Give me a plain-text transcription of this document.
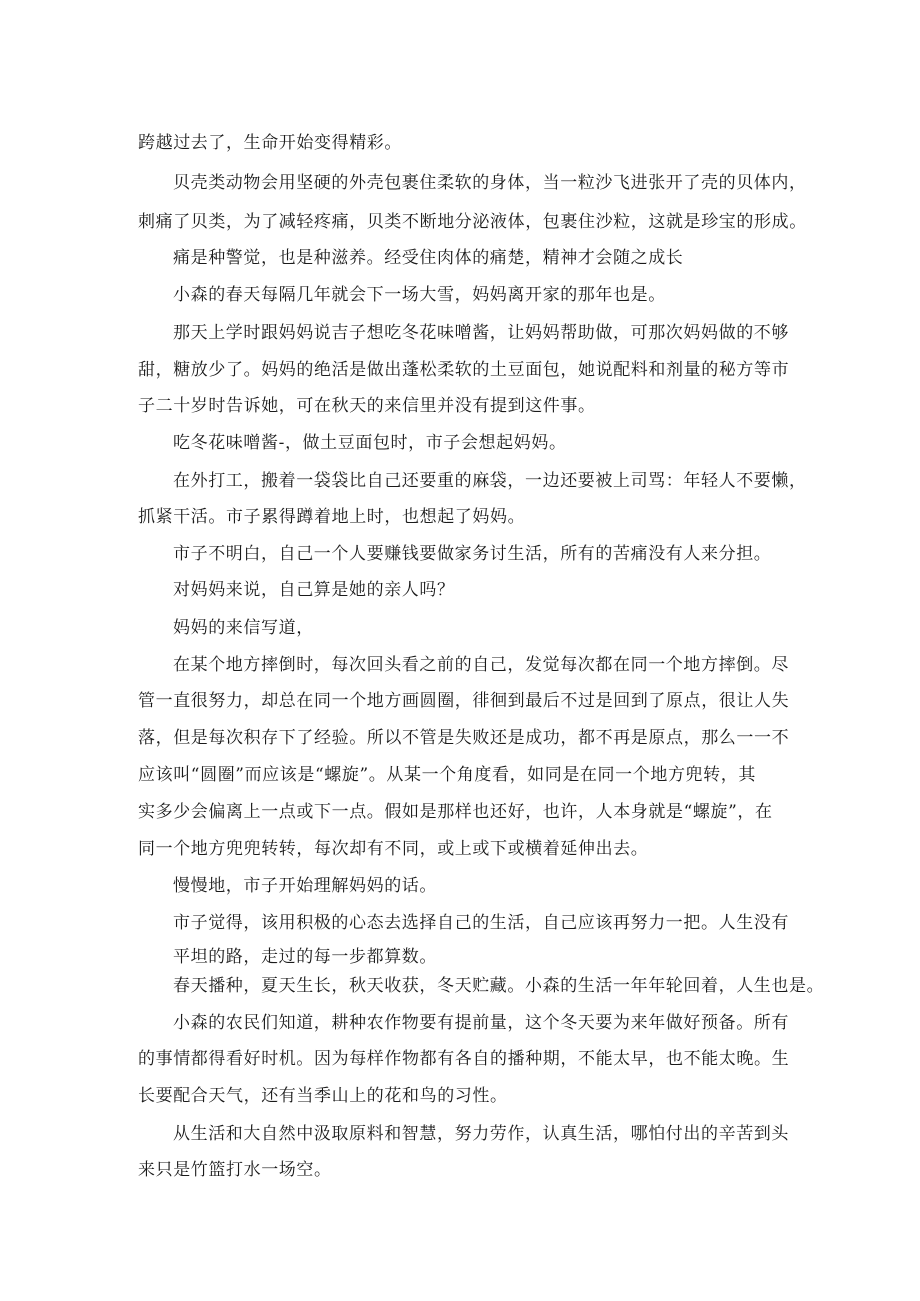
跨越过去了，生命开始变得精彩。

贝壳类动物会用坚硬的外壳包裹住柔软的身体，当一粒沙飞进张开了壳的贝体内，

刺痛了贝类，为了减轻疼痛，贝类不断地分泌液体，包裹住沙粒，这就是珍宝的形成。

痛是种警觉，也是种滋养。经受住肉体的痛楚，精神才会随之成长

小森的春天每隔几年就会下一场大雪，妈妈离开家的那年也是。

那天上学时跟妈妈说吉子想吃冬花味噌酱，让妈妈帮助做，可那次妈妈做的不够

甜，糖放少了。妈妈的绝活是做出蓬松柔软的土豆面包，她说配料和剂量的秘方等市

子二十岁时告诉她，可在秋天的来信里并没有提到这件事。

吃冬花味噌酱-，做土豆面包时，市子会想起妈妈。

在外打工，搬着一袋袋比自己还要重的麻袋，一边还要被上司骂：年轻人不要懒，

抓紧干活。市子累得蹲着地上时，也想起了妈妈。

市子不明白，自己一个人要赚钱要做家务讨生活，所有的苦痛没有人来分担。

对妈妈来说，自己算是她的亲人吗？

妈妈的来信写道，

在某个地方摔倒时，每次回头看之前的自己，发觉每次都在同一个地方摔倒。尽

管一直很努力，却总在同一个地方画圆圈，徘徊到最后不过是回到了原点，很让人失

落，但是每次积存下了经验。所以不管是失败还是成功，都不再是原点，那么一一不

应该叫“圆圈”而应该是“螺旋”。从某一个角度看，如同是在同一个地方兜转，其

实多少会偏离上一点或下一点。假如是那样也还好，也许，人本身就是“螺旋”，在

同一个地方兜兜转转，每次却有不同，或上或下或横着延伸出去。

慢慢地，市子开始理解妈妈的话。

市子觉得，该用积极的心态去选择自己的生活，自己应该再努力一把。人生没有

平坦的路，走过的每一步都算数。

春天播种，夏天生长，秋天收获，冬天贮藏。小森的生活一年年轮回着，人生也是。

小森的农民们知道，耕种农作物要有提前量，这个冬天要为来年做好预备。所有

的事情都得看好时机。因为每样作物都有各自的播种期，不能太早，也不能太晚。生

长要配合天气，还有当季山上的花和鸟的习性。

从生活和大自然中汲取原料和智慧，努力劳作，认真生活，哪怕付出的辛苦到头

来只是竹篮打水一场空。
